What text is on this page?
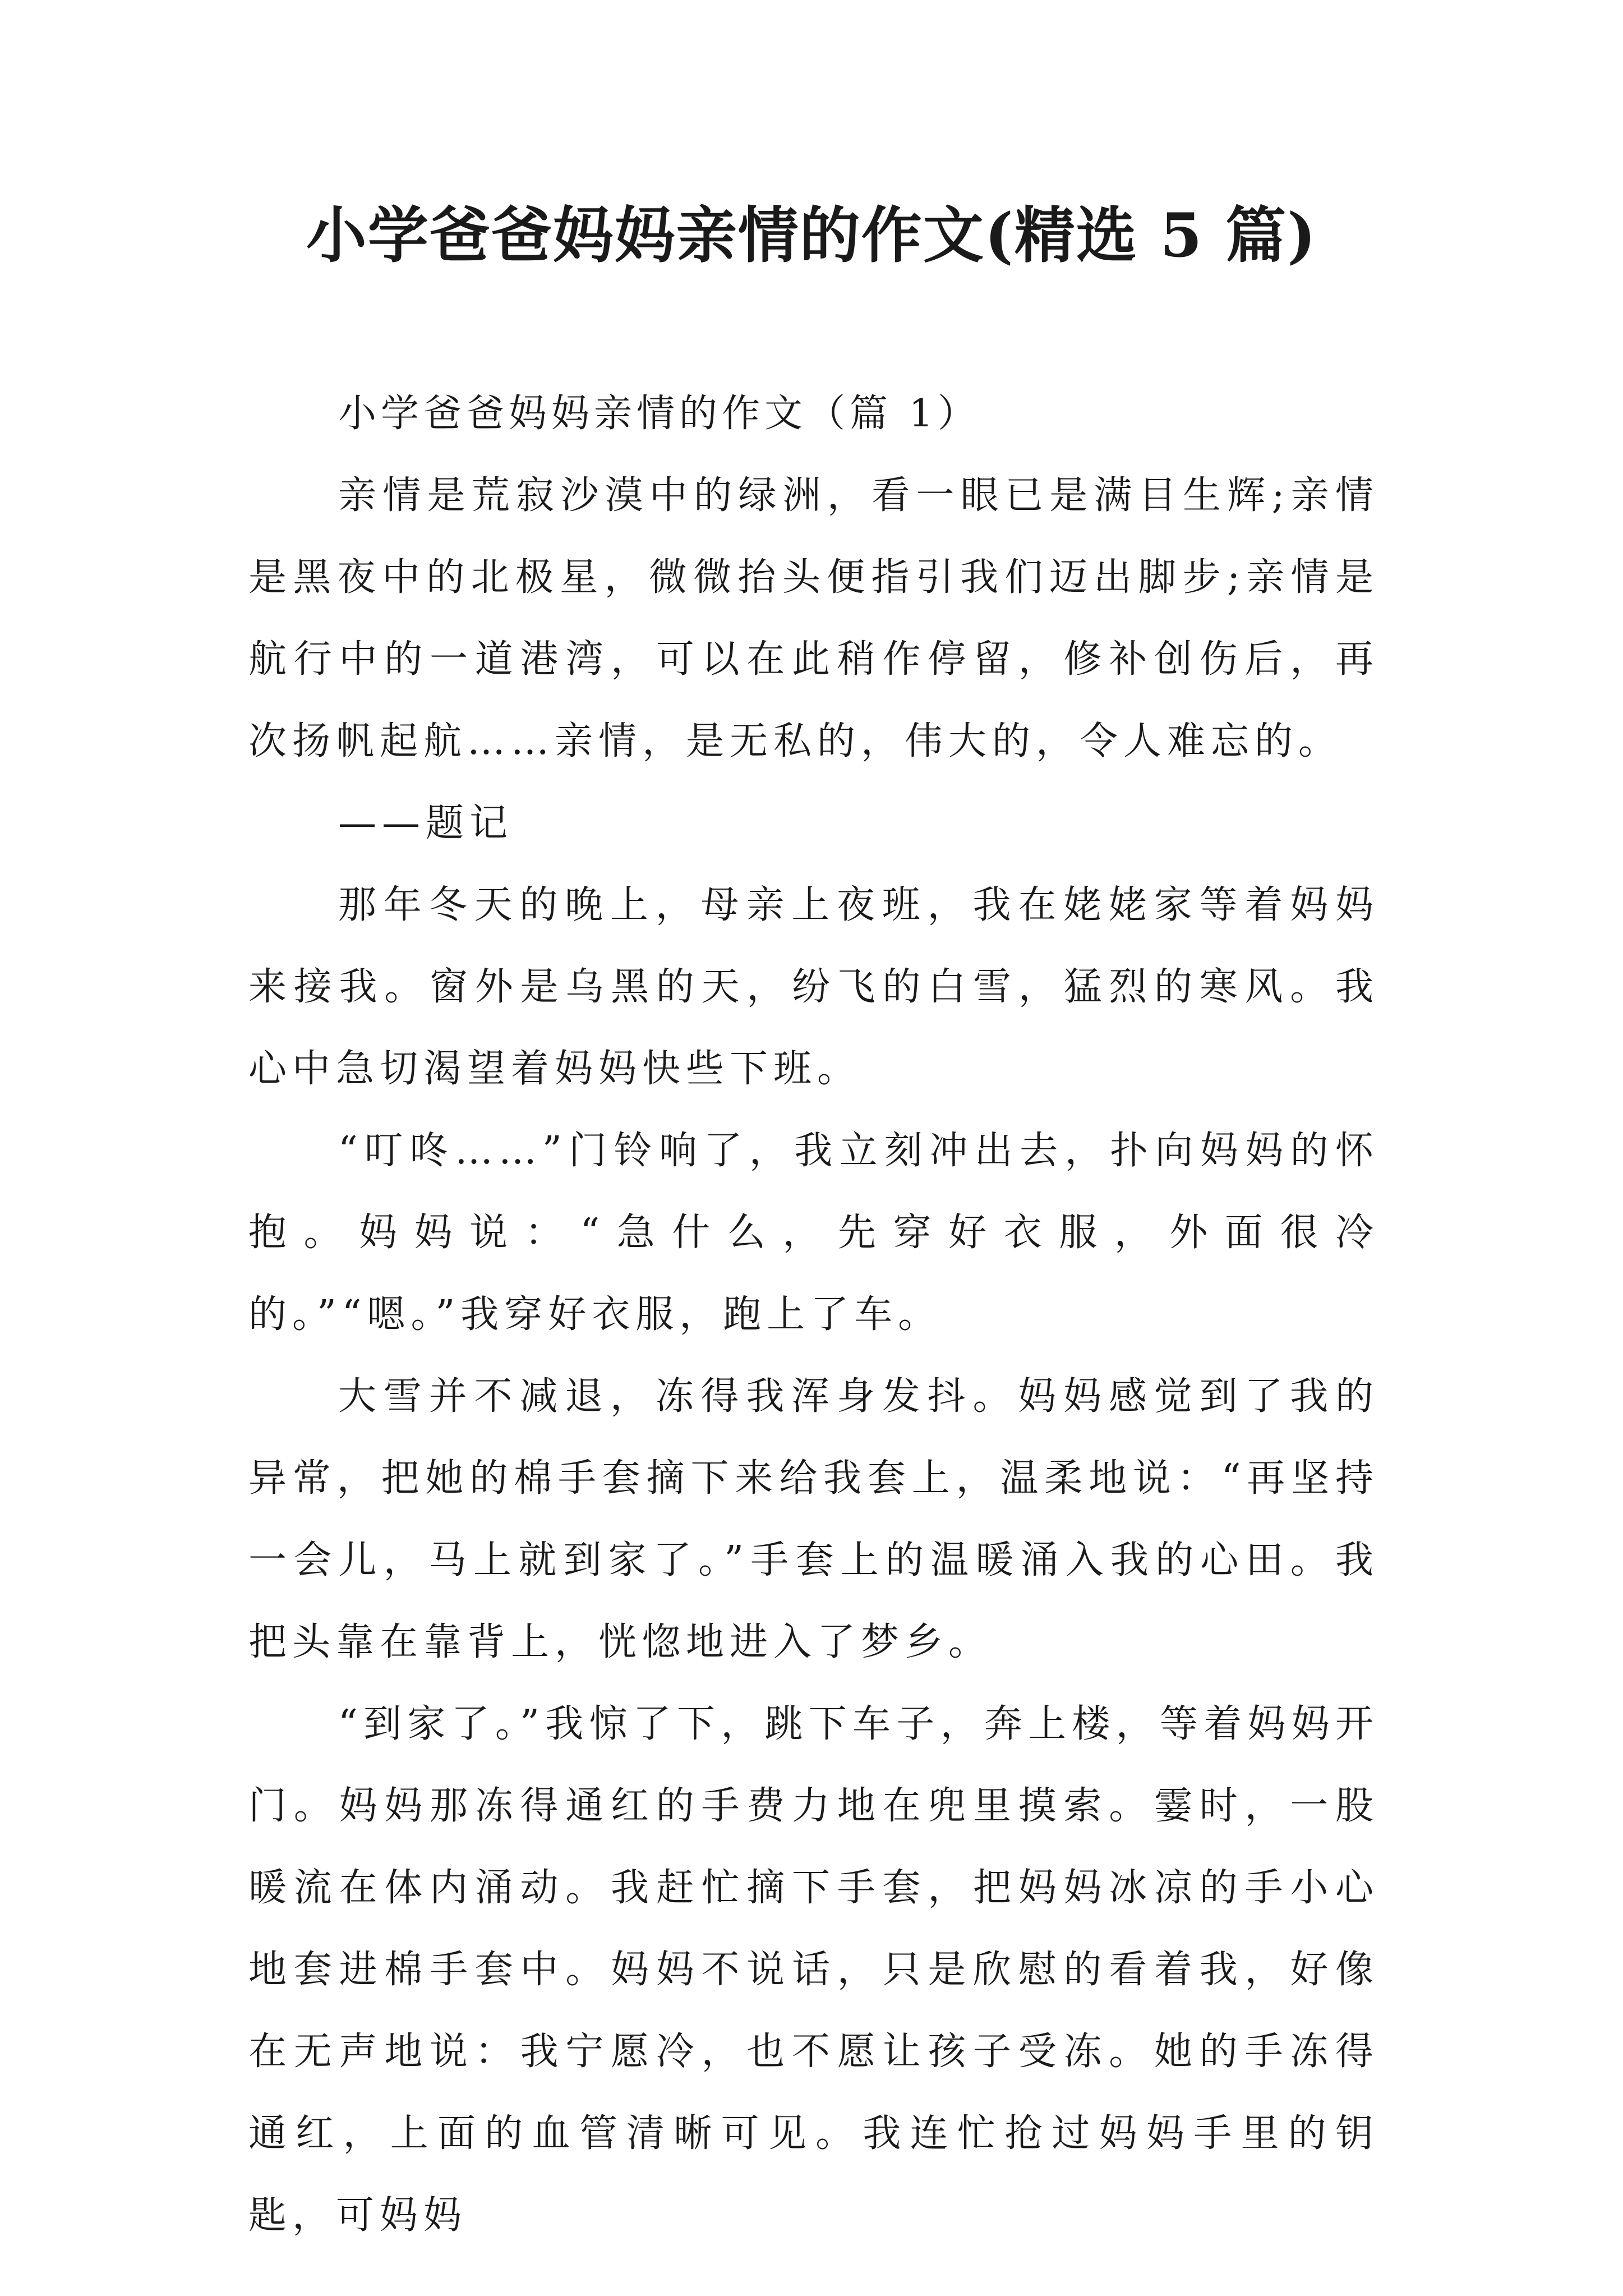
小学爸爸妈妈亲情的作文(精选 5 篇)

小学爸爸妈妈亲情的作文（篇 1）

亲情是荒寂沙漠中的绿洲，看一眼已是满目生辉;亲情是黑夜中的北极星，微微抬头便指引我们迈出脚步;亲情是航行中的一道港湾，可以在此稍作停留，修补创伤后，再次扬帆起航……亲情，是无私的，伟大的，令人难忘的。

——题记

那年冬天的晚上，母亲上夜班，我在姥姥家等着妈妈来接我。窗外是乌黑的天，纷飞的白雪，猛烈的寒风。我心中急切渴望着妈妈快些下班。

“叮咚……”门铃响了，我立刻冲出去，扑向妈妈的怀抱。妈妈说：“急什么，先穿好衣服，外面很冷的。”“嗯。”我穿好衣服，跑上了车。

大雪并不减退，冻得我浑身发抖。妈妈感觉到了我的异常，把她的棉手套摘下来给我套上，温柔地说：“再坚持一会儿，马上就到家了。”手套上的温暖涌入我的心田。我把头靠在靠背上，恍惚地进入了梦乡。

“到家了。”我惊了下，跳下车子，奔上楼，等着妈妈开门。妈妈那冻得通红的手费力地在兜里摸索。霎时，一股暖流在体内涌动。我赶忙摘下手套，把妈妈冰凉的手小心地套进棉手套中。妈妈不说话，只是欣慰的看着我，好像在无声地说：我宁愿冷，也不愿让孩子受冻。她的手冻得通红，上面的血管清晰可见。我连忙抢过妈妈手里的钥匙，可妈妈
